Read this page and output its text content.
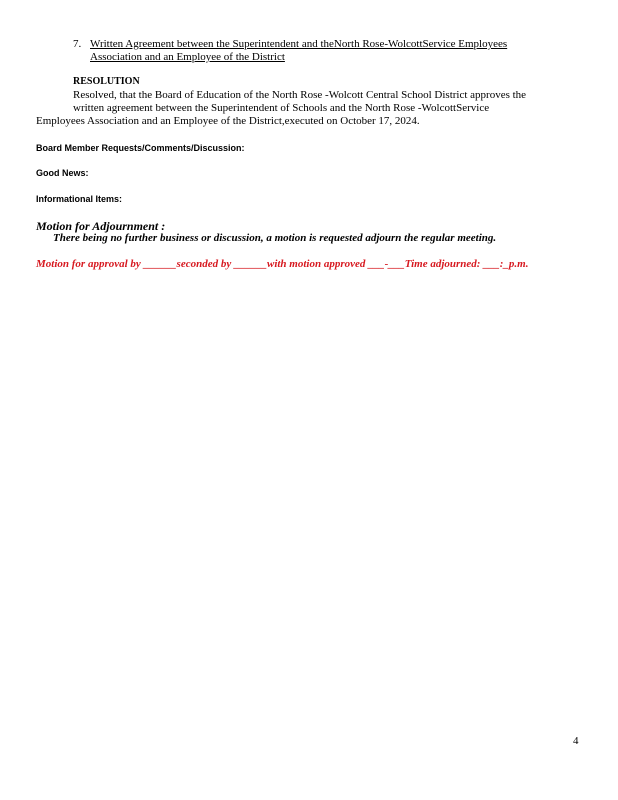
7. Written Agreement between the Superintendent and theNorth Rose-WolcottService Employees
Association and an Employee of the District
RESOLUTION
Resolved, that the Board of Education of the North Rose -Wolcott Central School District approves the
written agreement between the Superintendent of Schools and the North Rose -WolcottService
Employees Association and an Employee of the District,executed on October 17, 2024.
Board Member Requests/Comments/Discussion:
Good News:
Informational Items:
Motion for Adjournment :
There being no further business or discussion, a motion is requested adjourn the regular meeting.
Motion for approval by ______seconded by ______with motion approved ___-___Time adjourned: ___:_p.m.
4
